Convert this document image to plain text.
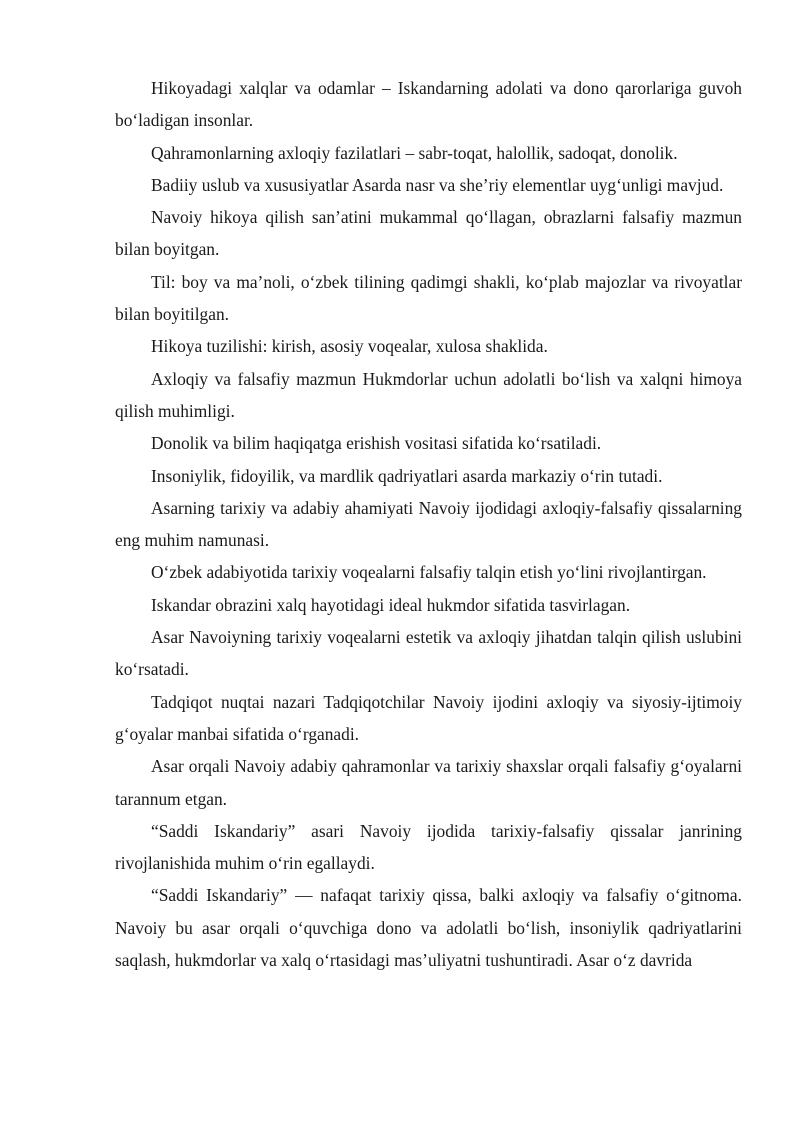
Hikoyadagi xalqlar va odamlar – Iskandarning adolati va dono qarorlariga guvoh boʻladigan insonlar.

Qahramonlarning axloqiy fazilatlari – sabr-toqat, halollik, sadoqat, donolik.

Badiiy uslub va xususiyatlar Asarda nasr va she’riy elementlar uygʻunligi mavjud.

Navoiy hikoya qilish san’atini mukammal qoʻllagan, obrazlarni falsafiy mazmun bilan boyitgan.

Til: boy va ma’noli, oʻzbek tilining qadimgi shakli, koʻplab majozlar va rivoyatlar bilan boyitilgan.

Hikoya tuzilishi: kirish, asosiy voqealar, xulosa shaklida.

Axloqiy va falsafiy mazmun Hukmdorlar uchun adolatli boʻlish va xalqni himoya qilish muhimligi.

Donolik va bilim haqiqatga erishish vositasi sifatida koʻrsatiladi.

Insoniylik, fidoyilik, va mardlik qadriyatlari asarda markaziy oʻrin tutadi.

Asarning tarixiy va adabiy ahamiyati Navoiy ijodidagi axloqiy-falsafiy qissalarning eng muhim namunasi.

Oʻzbek adabiyotida tarixiy voqealarni falsafiy talqin etish yoʻlini rivojlantirgan.

Iskandar obrazini xalq hayotidagi ideal hukmdor sifatida tasvirlagan.

Asar Navoiyning tarixiy voqealarni estetik va axloqiy jihatdan talqin qilish uslubini koʻrsatadi.

Tadqiqot nuqtai nazari Tadqiqotchilar Navoiy ijodini axloqiy va siyosiy-ijtimoiy gʻoyalar manbai sifatida oʻrganadi.

Asar orqali Navoiy adabiy qahramonlar va tarixiy shaxslar orqali falsafiy gʻoyalarni tarannum etgan.

“Saddi Iskandariy” asari Navoiy ijodida tarixiy-falsafiy qissalar janrining rivojlanishida muhim oʻrin egallaydi.

“Saddi Iskandariy” — nafaqat tarixiy qissa, balki axloqiy va falsafiy oʻgitnoma. Navoiy bu asar orqali oʻquvchiga dono va adolatli boʻlish, insoniylik qadriyatlarini saqlash, hukmdorlar va xalq oʻrtasidagi mas’uliyatni tushuntiradi. Asar oʻz davrida
